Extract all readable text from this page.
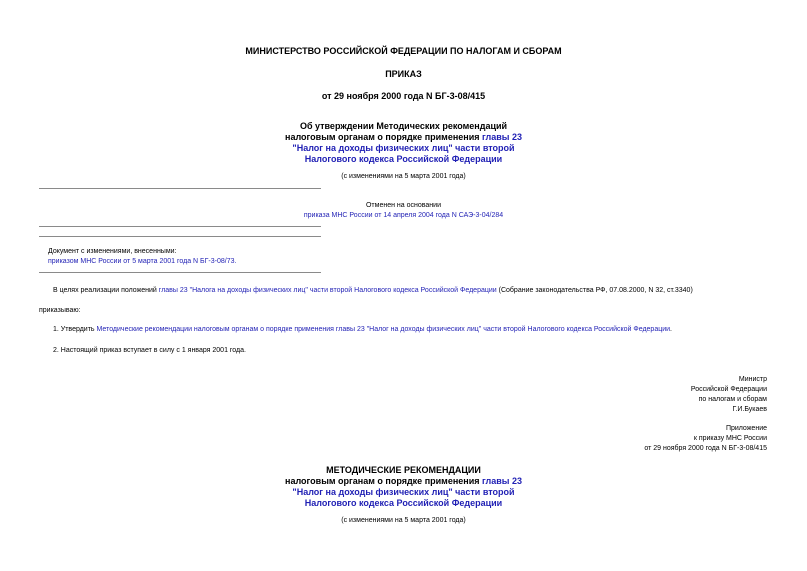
МИНИСТЕРСТВО РОССИЙСКОЙ ФЕДЕРАЦИИ ПО НАЛОГАМ И СБОРАМ
ПРИКАЗ
от 29 ноября 2000 года N БГ-3-08/415
Об утверждении Методических рекомендаций
налоговым органам о порядке применения главы 23
"Налог на доходы физических лиц" части второй
Налогового кодекса Российской Федерации
(с изменениями на 5 марта 2001 года)
Отменен на основании
приказа МНС России от 14 апреля 2004 года N САЭ-3-04/284
Документ с изменениями, внесенными:
приказом МНС России от 5 марта 2001 года N БГ-3-08/73.
В целях реализации положений главы 23 "Налога на доходы физических лиц" части второй Налогового кодекса Российской Федерации (Собрание законодательства РФ, 07.08.2000, N 32, ст.3340)
приказываю:
1. Утвердить Методические рекомендации налоговым органам о порядке применения главы 23 "Налог на доходы физических лиц" части второй Налогового кодекса Российской Федерации.
2. Настоящий приказ вступает в силу с 1 января 2001 года.
Министр
Российской Федерации
по налогам и сборам
Г.И.Букаев
Приложение
к приказу МНС России
от 29 ноября 2000 года N БГ-3-08/415
МЕТОДИЧЕСКИЕ РЕКОМЕНДАЦИИ
налоговым органам о порядке применения главы 23
"Налог на доходы физических лиц" части второй
Налогового кодекса Российской Федерации
(с изменениями на 5 марта 2001 года)
